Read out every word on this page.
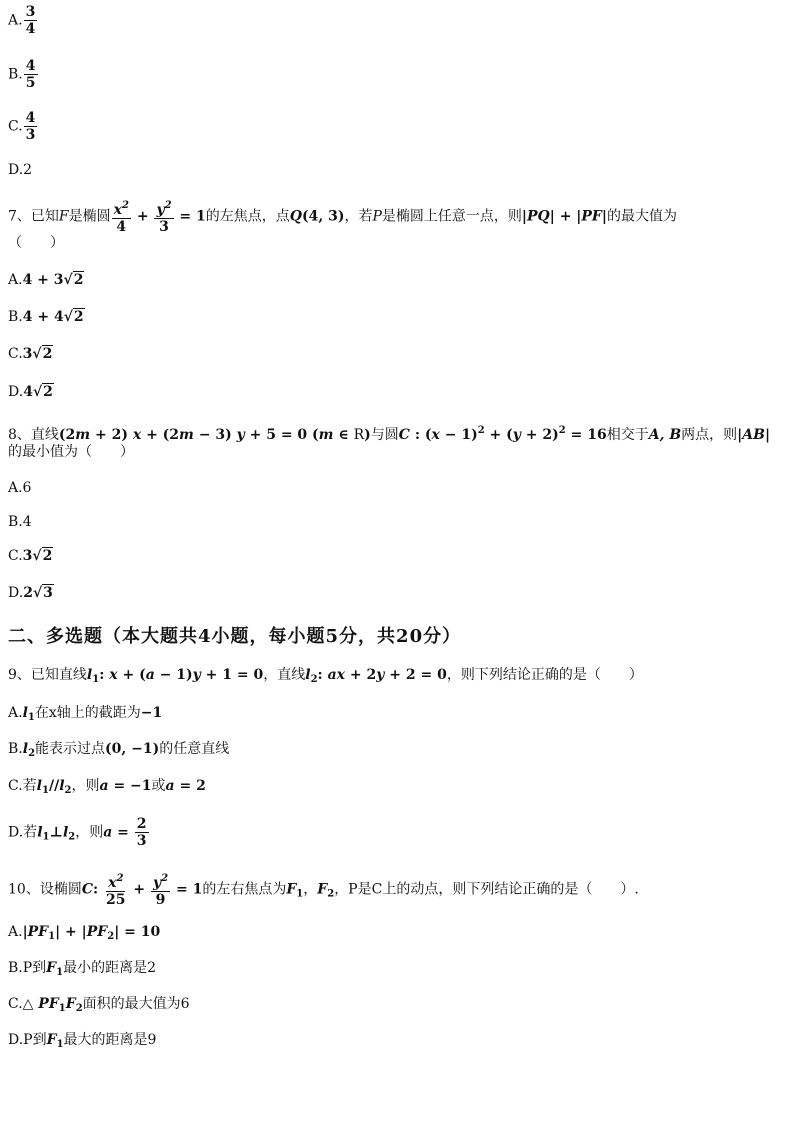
A. $\frac{3}{4}$
B. $\frac{4}{5}$
C. $\frac{4}{3}$
D.2
7、已知F是椭圆 $\frac{x^2}{4} + \frac{y^2}{3} = 1$的左焦点，点Q(4, 3)，若P是椭圆上任意一点，则|PQ| + |PF|的最大值为
（　　）
A.4 + 3√2
B.4 + 4√2
C.3√2
D.4√2
8、直线(2m + 2) x + (2m − 3) y + 5 = 0 (m ∈ R)与圆C : $(x - 1)^2 + (y + 2)^2 = 16$相交于A, B两点，则|AB|
的最小值为（　　）
A.6
B.4
C.3√2
D.2√3
二、多选题（本大题共4小题，每小题5分，共20分）
9、已知直线$l_1$: x + (a − 1)y + 1 = 0，直线$l_2$: ax + 2y + 2 = 0，则下列结论正确的是（　　）
$A.l_1$在x轴上的截距为−1
$B.l_2$能表示过点(0, −1)的任意直线
C.若$l_1//l_2$，则a = −1或a = 2
D.若$l_1\perp l_2$，则$a = \frac{2}{3}$
10、设椭圆C: $\frac{x^2}{25} + \frac{y^2}{9} = 1$的左右焦点为$F_1$，$F_2$，P是C上的动点，则下列结论正确的是（　　）.
$A.|PF_1| + |PF_2| = 10$
B.P到$F_1$最小的距离是2
C.△ $PF_1F_2$面积的最大值为6
D.P到$F_1$最大的距离是9
